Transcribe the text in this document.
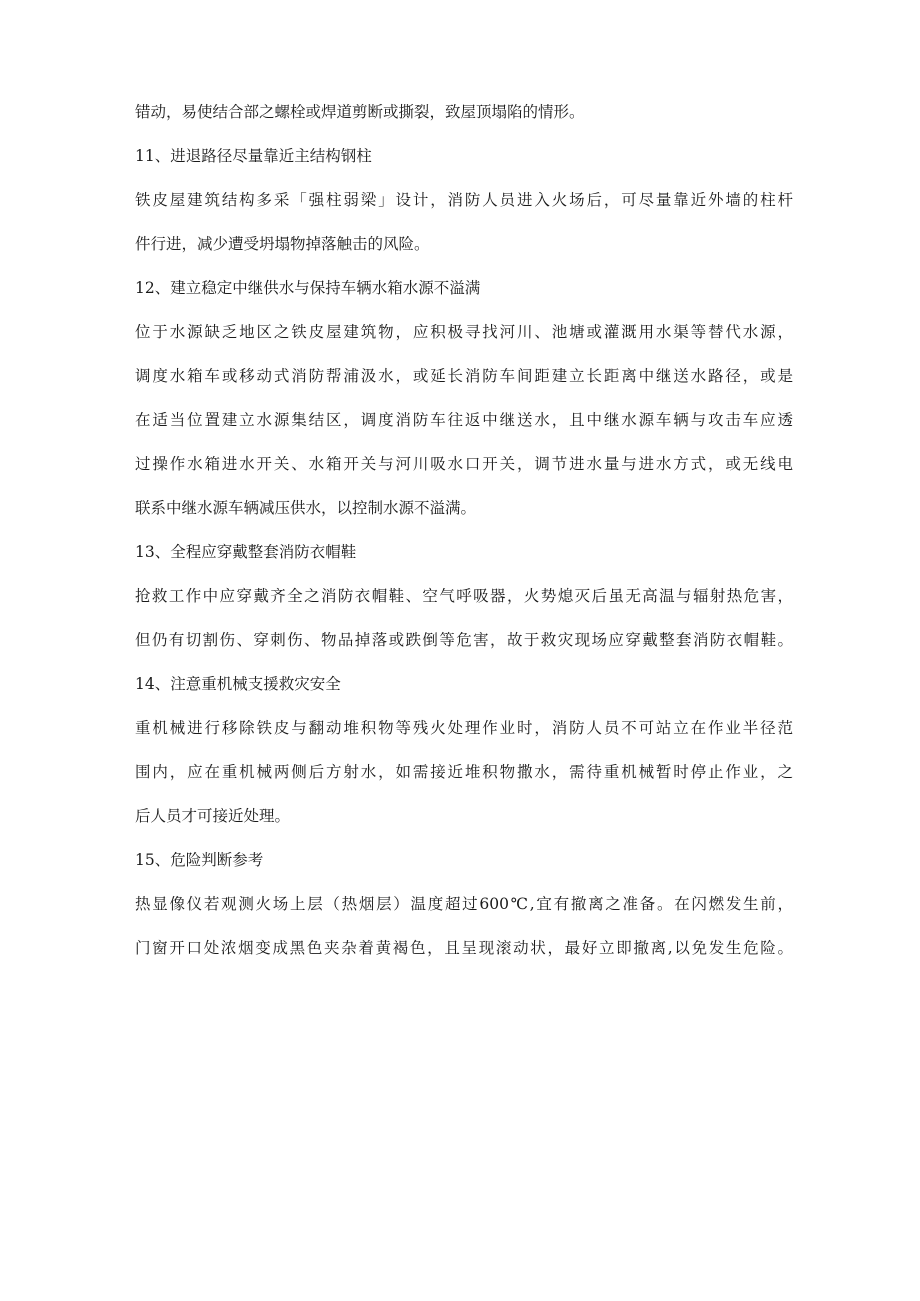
错动，易使结合部之螺栓或焊道剪断或撕裂，致屋顶塌陷的情形。

11、进退路径尽量靠近主结构钢柱

铁皮屋建筑结构多采「强柱弱梁」设计，消防人员进入火场后，可尽量靠近外墙的柱杆

件行进，减少遭受坍塌物掉落触击的风险。

12、建立稳定中继供水与保持车辆水箱水源不溢满

位于水源缺乏地区之铁皮屋建筑物，应积极寻找河川、池塘或灌溉用水渠等替代水源，

调度水箱车或移动式消防帮浦汲水，或延长消防车间距建立长距离中继送水路径，或是

在适当位置建立水源集结区，调度消防车往返中继送水，且中继水源车辆与攻击车应透

过操作水箱进水开关、水箱开关与河川吸水口开关，调节进水量与进水方式，或无线电

联系中继水源车辆减压供水，以控制水源不溢满。

13、全程应穿戴整套消防衣帽鞋

抢救工作中应穿戴齐全之消防衣帽鞋、空气呼吸器，火势熄灭后虽无高温与辐射热危害，

但仍有切割伤、穿刺伤、物品掉落或跌倒等危害，故于救灾现场应穿戴整套消防衣帽鞋。

14、注意重机械支援救灾安全

重机械进行移除铁皮与翻动堆积物等残火处理作业时，消防人员不可站立在作业半径范

围内，应在重机械两侧后方射水，如需接近堆积物撒水，需待重机械暂时停止作业，之

后人员才可接近处理。

15、危险判断参考

热显像仪若观测火场上层（热烟层）温度超过600℃,宜有撤离之准备。在闪燃发生前，

门窗开口处浓烟变成黑色夹杂着黄褐色，且呈现滚动状，最好立即撤离,以免发生危险。
